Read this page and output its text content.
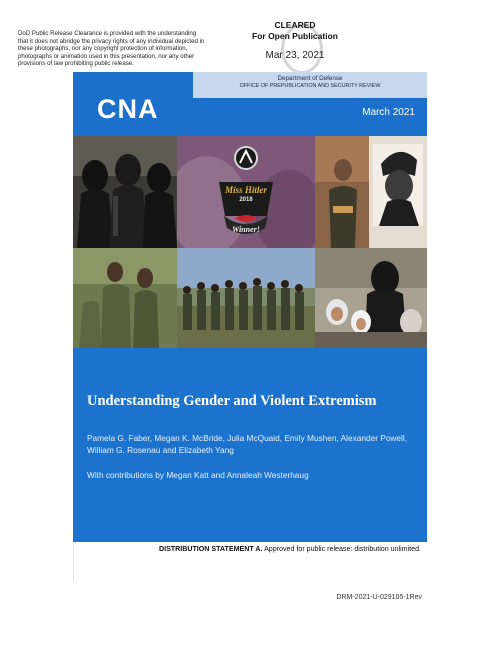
DoD Public Release Clearance is provided with the understanding that it does not abridge the privacy rights of any individual depicted in these photographs, nor any copyright protection of information, photographs or animation used in this presentation, nor any other provisions of law prohibiting public release.
CLEARED
For Open Publication
Mar 23, 2021
CNA	March 2021
Miss Hitler
2018
Winner!
Understanding Gender and Violent Extremism
Pamela G. Faber, Megan K. McBride, Julia McQuaid, Emily Mushen, Alexander Powell, William G. Rosenau and Elizabeth Yang
With contributions by Megan Katt and Annaleah Westerhaug
Department of Defense
OFFICE OF PREPUBLICATION AND SECURITY REVIEW
DISTRIBUTION STATEMENT A. Approved for public release: distribution unlimited.
DRM-2021-U-029105-1Rev
